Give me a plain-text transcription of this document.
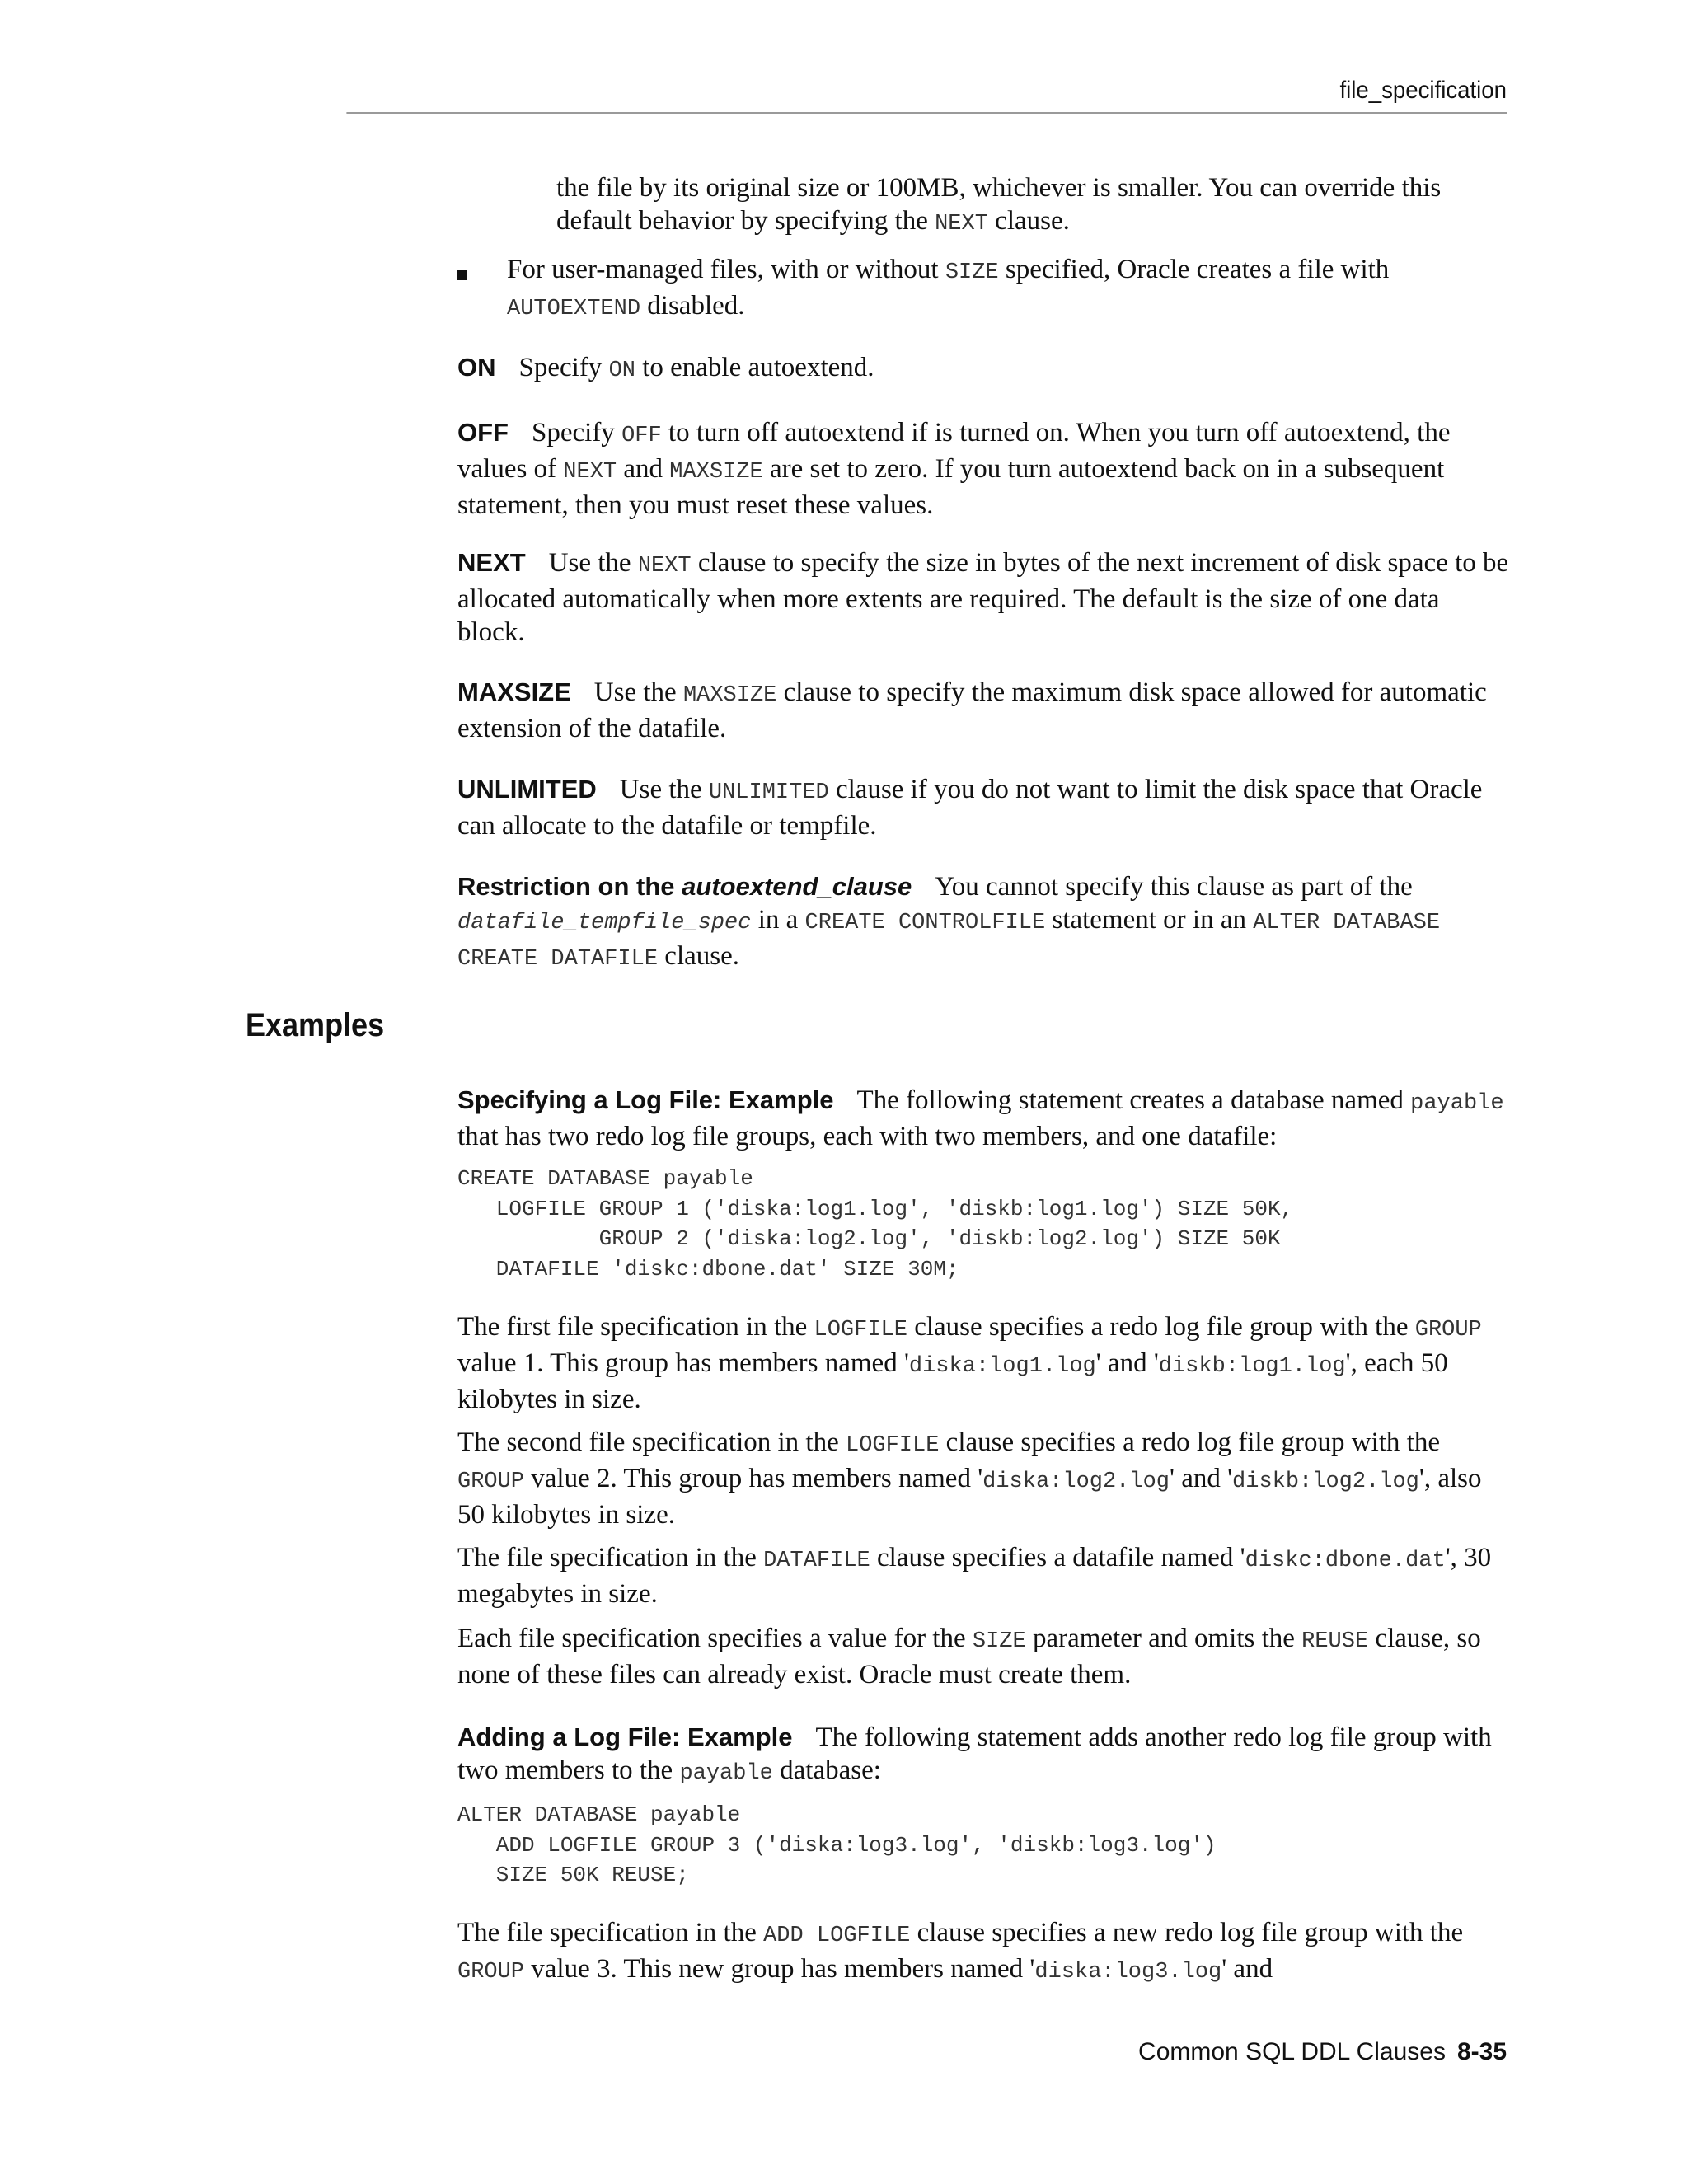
file_specification

the file by its original size or 100MB, whichever is smaller. You can override this default behavior by specifying the NEXT clause.

For user-managed files, with or without SIZE specified, Oracle creates a file with AUTOEXTEND disabled.

ON Specify ON to enable autoextend.

OFF Specify OFF to turn off autoextend if is turned on. When you turn off autoextend, the values of NEXT and MAXSIZE are set to zero. If you turn autoextend back on in a subsequent statement, then you must reset these values.

NEXT Use the NEXT clause to specify the size in bytes of the next increment of disk space to be allocated automatically when more extents are required. The default is the size of one data block.

MAXSIZE Use the MAXSIZE clause to specify the maximum disk space allowed for automatic extension of the datafile.

UNLIMITED Use the UNLIMITED clause if you do not want to limit the disk space that Oracle can allocate to the datafile or tempfile.

Restriction on the autoextend_clause You cannot specify this clause as part of the datafile_tempfile_spec in a CREATE CONTROLFILE statement or in an ALTER DATABASE CREATE DATAFILE clause.

Examples

Specifying a Log File: Example The following statement creates a database named payable that has two redo log file groups, each with two members, and one datafile:

CREATE DATABASE payable
LOGFILE GROUP 1 ('diska:log1.log', 'diskb:log1.log') SIZE 50K,
GROUP 2 ('diska:log2.log', 'diskb:log2.log') SIZE 50K
DATAFILE 'diskc:dbone.dat' SIZE 30M;

The first file specification in the LOGFILE clause specifies a redo log file group with the GROUP value 1. This group has members named 'diska:log1.log' and 'diskb:log1.log', each 50 kilobytes in size.

The second file specification in the LOGFILE clause specifies a redo log file group with the GROUP value 2. This group has members named 'diska:log2.log' and 'diskb:log2.log', also 50 kilobytes in size.

The file specification in the DATAFILE clause specifies a datafile named 'diskc:dbone.dat', 30 megabytes in size.

Each file specification specifies a value for the SIZE parameter and omits the REUSE clause, so none of these files can already exist. Oracle must create them.

Adding a Log File: Example The following statement adds another redo log file group with two members to the payable database:

ALTER DATABASE payable
ADD LOGFILE GROUP 3 ('diska:log3.log', 'diskb:log3.log')
SIZE 50K REUSE;

The file specification in the ADD LOGFILE clause specifies a new redo log file group with the GROUP value 3. This new group has members named 'diska:log3.log' and

Common SQL DDL Clauses 8-35
